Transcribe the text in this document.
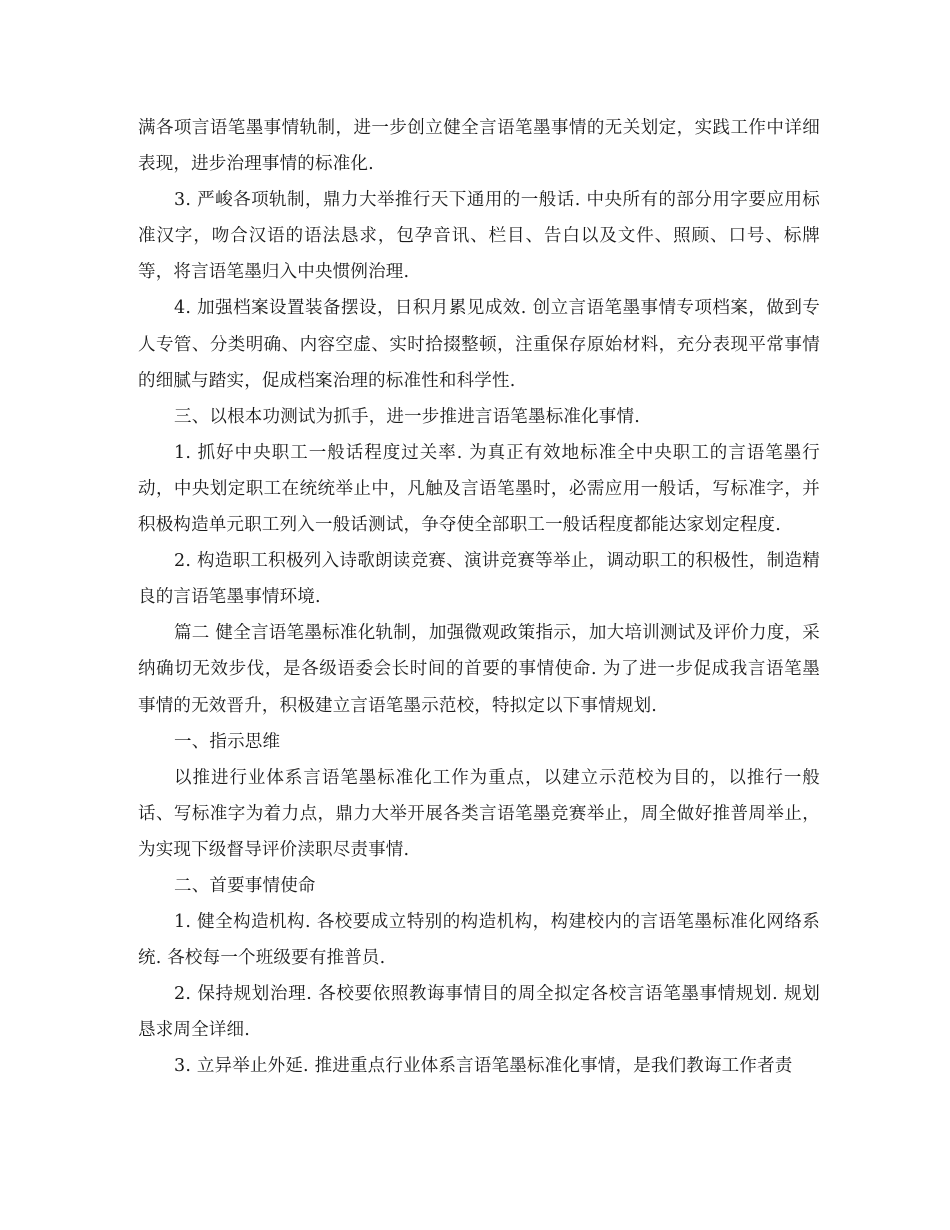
满各项言语笔墨事情轨制，进一步创立健全言语笔墨事情的无关划定，实践工作中详细表现，进步治理事情的标准化.

3. 严峻各项轨制，鼎力大举推行天下通用的一般话. 中央所有的部分用字要应用标准汉字，吻合汉语的语法恳求，包孕音讯、栏目、告白以及文件、照顾、口号、标牌等，将言语笔墨归入中央惯例治理.

4. 加强档案设置装备摆设，日积月累见成效. 创立言语笔墨事情专项档案，做到专人专管、分类明确、内容空虚、实时拾掇整顿，注重保存原始材料，充分表现平常事情的细腻与踏实，促成档案治理的标准性和科学性.

三、以根本功测试为抓手，进一步推进言语笔墨标准化事情.

1. 抓好中央职工一般话程度过关率. 为真正有效地标准全中央职工的言语笔墨行动，中央划定职工在统统举止中，凡触及言语笔墨时，必需应用一般话，写标准字，并积极构造单元职工列入一般话测试，争夺使全部职工一般话程度都能达家划定程度.

2. 构造职工积极列入诗歌朗读竞赛、演讲竞赛等举止，调动职工的积极性，制造精良的言语笔墨事情环境.

篇二 健全言语笔墨标准化轨制，加强微观政策指示，加大培训测试及评价力度，采纳确切无效步伐，是各级语委会长时间的首要的事情使命. 为了进一步促成我言语笔墨事情的无效晋升，积极建立言语笔墨示范校，特拟定以下事情规划.

一、指示思维

以推进行业体系言语笔墨标准化工作为重点，以建立示范校为目的，以推行一般话、写标准字为着力点，鼎力大举开展各类言语笔墨竞赛举止，周全做好推普周举止，为实现下级督导评价渎职尽责事情.

二、首要事情使命

1. 健全构造机构. 各校要成立特别的构造机构，构建校内的言语笔墨标准化网络系统. 各校每一个班级要有推普员.

2. 保持规划治理. 各校要依照教诲事情目的周全拟定各校言语笔墨事情规划. 规划恳求周全详细.

3. 立异举止外延. 推进重点行业体系言语笔墨标准化事情，是我们教诲工作者责
